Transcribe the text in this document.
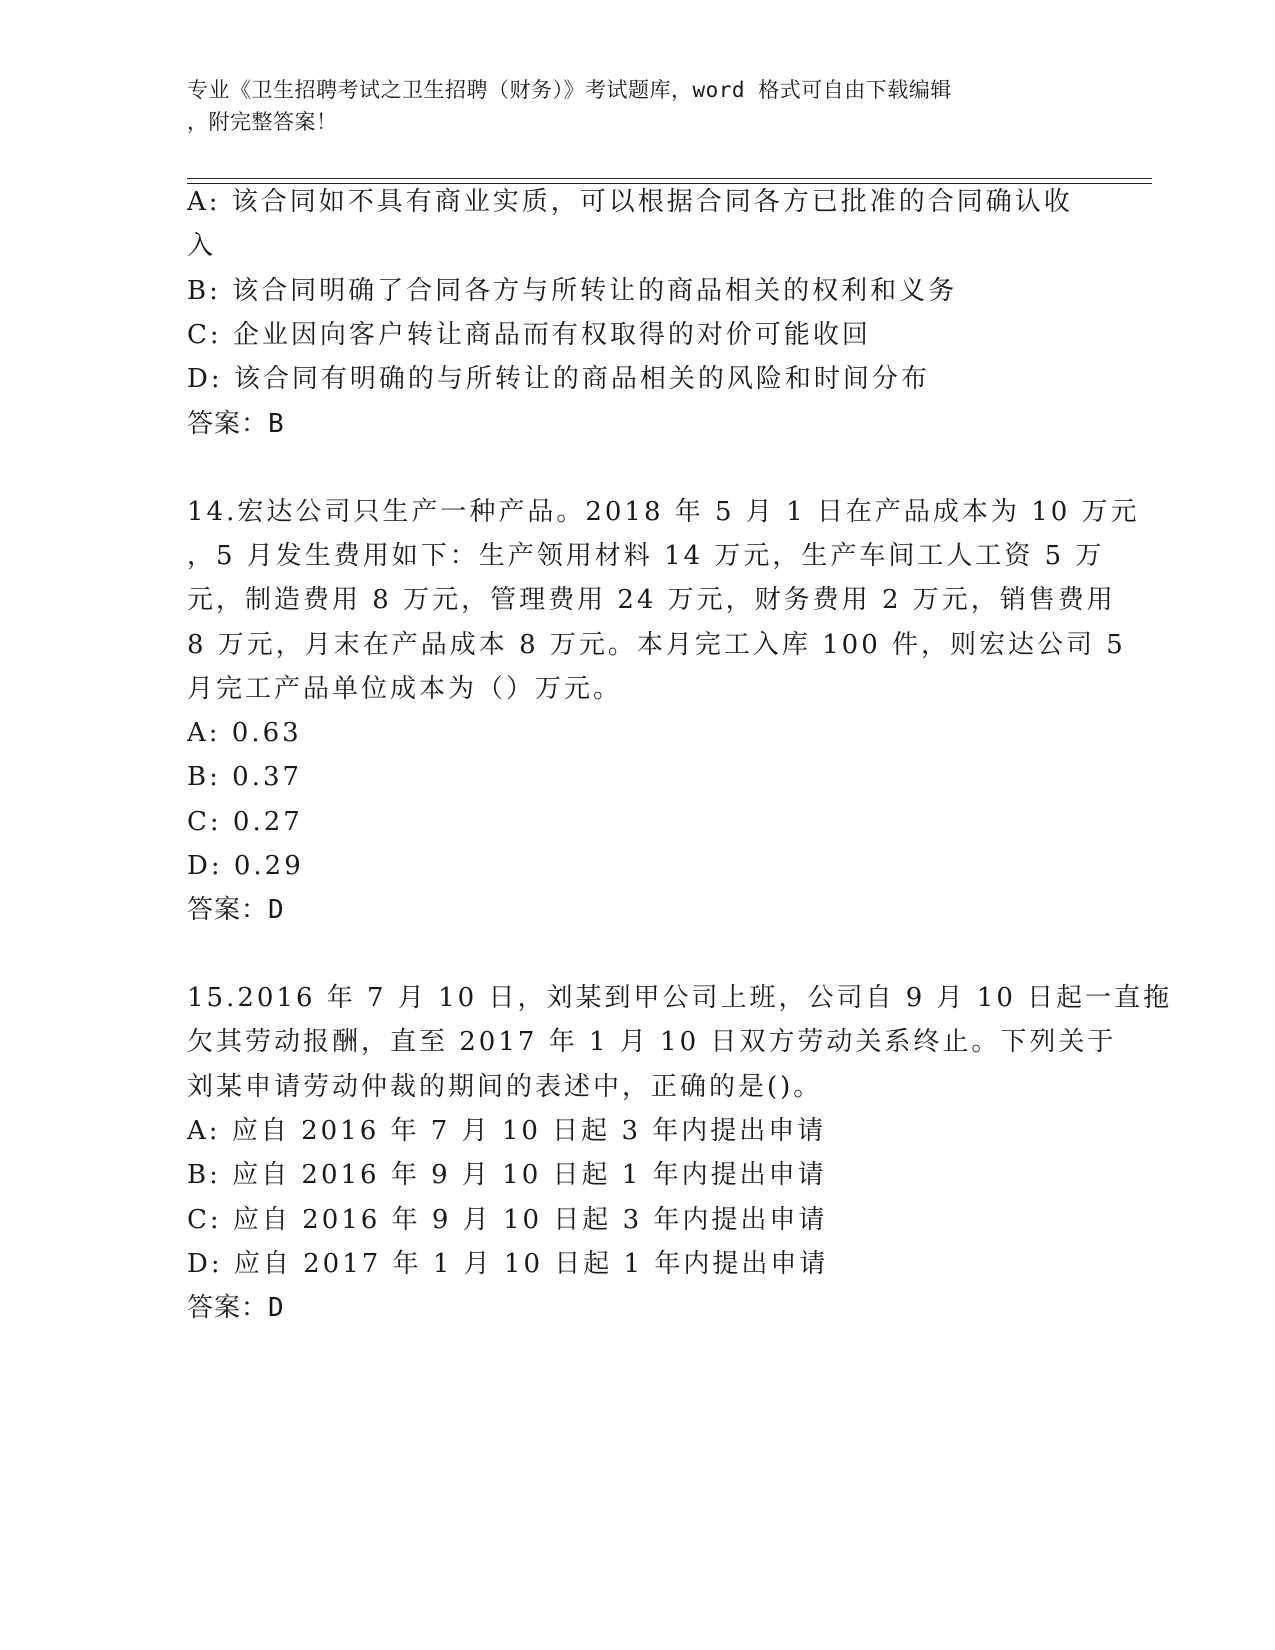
专业《卫生招聘考试之卫生招聘（财务）》考试题库，word 格式可自由下载编辑
，附完整答案！
A: 该合同如不具有商业实质，可以根据合同各方已批准的合同确认收
入
B: 该合同明确了合同各方与所转让的商品相关的权利和义务
C: 企业因向客户转让商品而有权取得的对价可能收回
D: 该合同有明确的与所转让的商品相关的风险和时间分布
答案：B
14.宏达公司只生产一种产品。2018 年 5 月 1 日在产品成本为 10 万元
，5 月发生费用如下：生产领用材料 14 万元，生产车间工人工资 5 万
元，制造费用 8 万元，管理费用 24 万元，财务费用 2 万元，销售费用
8 万元，月末在产品成本 8 万元。本月完工入库 100 件，则宏达公司 5
月完工产品单位成本为（）万元。
A: 0.63
B: 0.37
C: 0.27
D: 0.29
答案：D
15.2016 年 7 月 10 日，刘某到甲公司上班，公司自 9 月 10 日起一直拖
欠其劳动报酬，直至 2017 年 1 月 10 日双方劳动关系终止。下列关于
刘某申请劳动仲裁的期间的表述中，正确的是()。
A: 应自 2016 年 7 月 10 日起 3 年内提出申请
B: 应自 2016 年 9 月 10 日起 1 年内提出申请
C: 应自 2016 年 9 月 10 日起 3 年内提出申请
D: 应自 2017 年 1 月 10 日起 1 年内提出申请
答案：D
